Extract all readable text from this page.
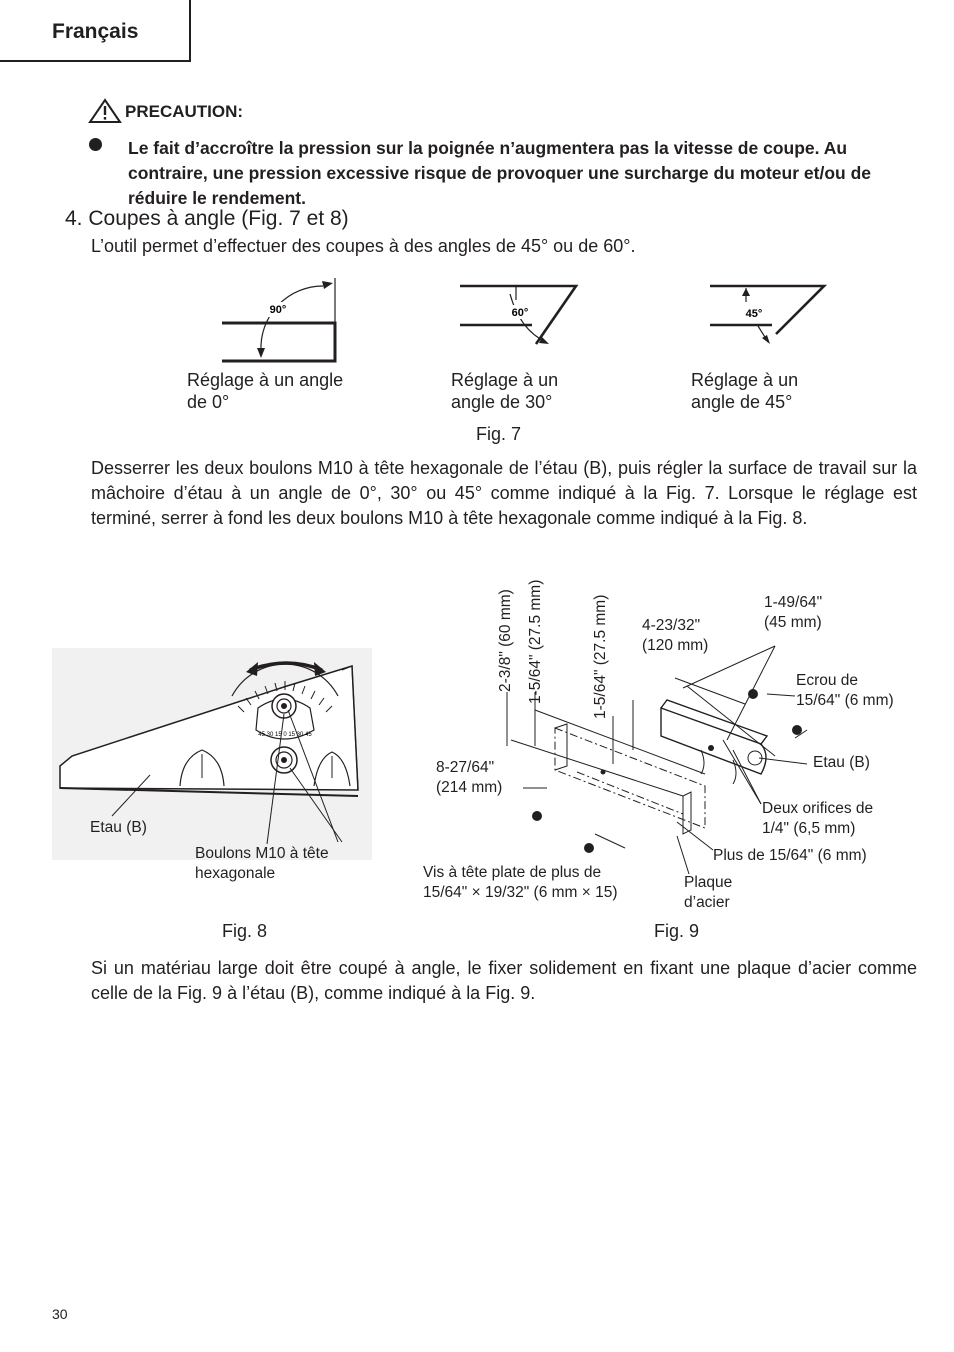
Français
PRECAUTION:
Le fait d’accroître la pression sur la poignée n’augmentera pas la vitesse de coupe. Au contraire, une pression excessive risque de provoquer une surcharge du moteur et/ou de réduire le rendement.
4. Coupes à angle (Fig. 7 et 8)
L’outil permet d’effectuer des coupes à des angles de 45° ou de 60°.
90°	60°	45°
Réglage à un angle
de 0°
Réglage à un
angle de 30°
Réglage à un
angle de 45°
Fig. 7
Desserrer les deux boulons M10 à tête hexagonale de l’étau (B), puis régler la surface de travail sur la mâchoire d’étau à un angle de 0°, 30° ou 45° comme indiqué à la Fig. 7. Lorsque le réglage est terminé, serrer à fond les deux boulons M10 à tête hexagonale comme indiqué à la Fig. 8.
45 30 15 0 15 30 45
Etau (B)
Boulons M10 à tête
hexagonale
Fig. 8
2-3/8" (60 mm) 1-5/64" (27.5 mm)	1-5/64" (27.5 mm) 4-23/32"
(120 mm)
1-49/64"
(45 mm)
Ecrou de
15/64" (6 mm)
Etau (B)
8-27/64"
(214 mm)
Deux orifices de
1/4" (6,5 mm)
Plus de 15/64" (6 mm)
Vis à tête plate de plus de
15/64" × 19/32" (6 mm × 15)
Plaque
d’acier
Fig. 9
Si un matériau large doit être coupé à angle, le fixer solidement en fixant une plaque d’acier comme celle de la Fig. 9 à l’étau (B), comme indiqué à la Fig. 9.
30
